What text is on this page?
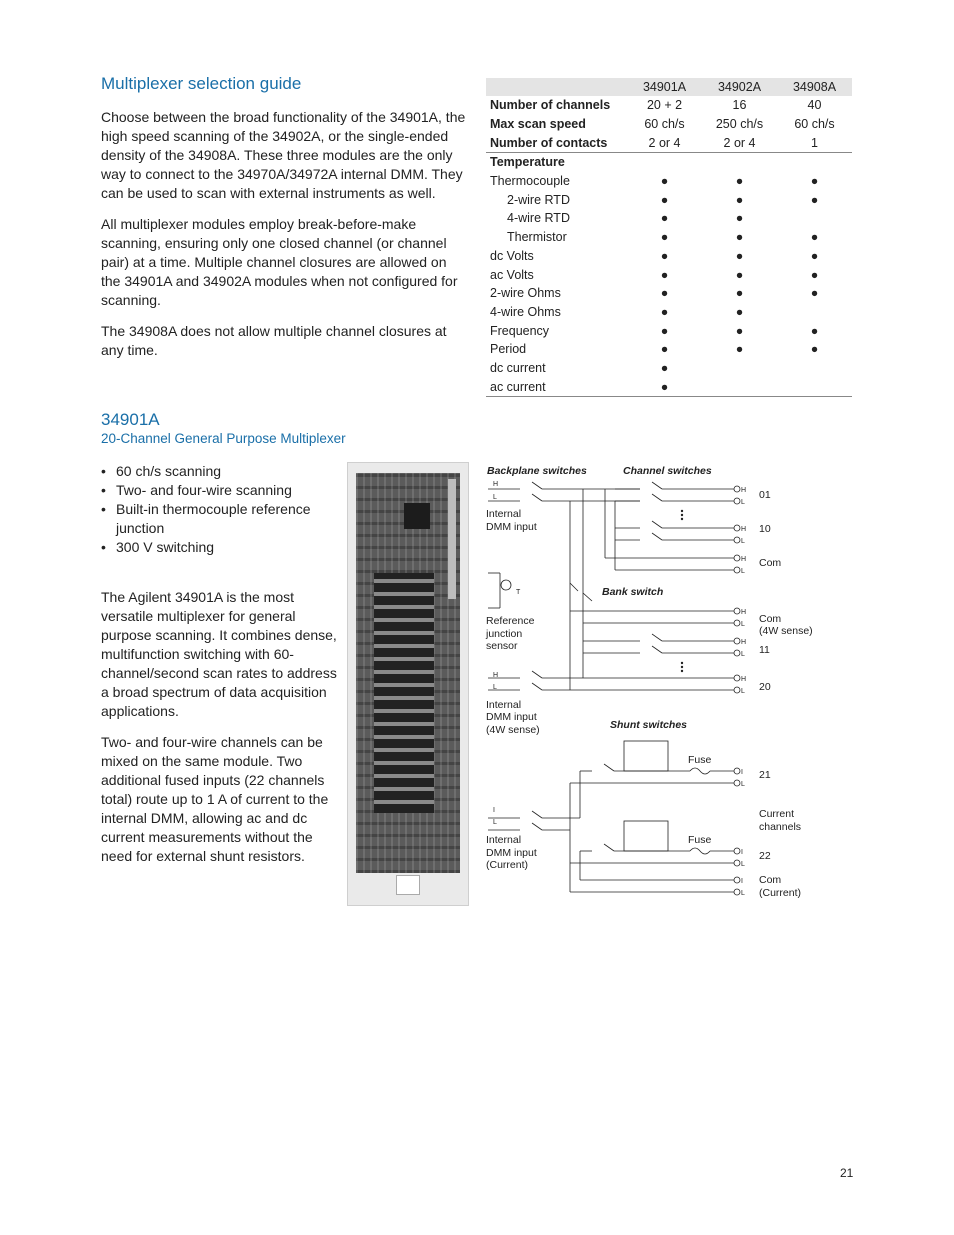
Multiplexer selection guide

Choose between the broad functionality of the 34901A, the high speed scanning of the 34902A, or the single-ended density of the 34908A. These three modules are the only way to connect to the 34970A/34972A internal DMM. They can be used to scan with external instruments as well.

All multiplexer modules employ break-before-make scanning, ensuring only one closed channel (or channel pair) at a time. Multiple channel closures are allowed on the 34901A and 34902A modules when not configured for scanning.

The 34908A does not allow multiple channel closures at any time.

	34901A	34902A	34908A
Number of channels	20 + 2	16	40
Max scan speed	60 ch/s	250 ch/s	60 ch/s
Number of contacts	2 or 4	2 or 4	1
Temperature			
Thermocouple	●	●	●
2-wire RTD	●	●	●
4-wire RTD	●	●	
Thermistor	●	●	●
dc Volts	●	●	●
ac Volts	●	●	●
2-wire Ohms	●	●	●
4-wire Ohms	●	●	
Frequency	●	●	●
Period	●	●	●
dc current	●		
ac current	●		
34901A
20-Channel General Purpose Multiplexer
• 60 ch/s scanning
• Two- and four-wire scanning
• Built-in thermocouple reference junction
• 300 V switching

The Agilent 34901A is the most versatile multiplexer for general purpose scanning. It combines dense, multifunction switching with 60-channel/second scan rates to address a broad spectrum of data acquisition applications.

Two- and four-wire channels can be mixed on the same module. Two additional fused inputs (22 channels total) route up to 1 A of current to the internal DMM, allowing ac and dc current measurements without the need for external shunt resistors.

Backplane switches	Channel switches
Bank switch
Shunt switches
H
L
T
H
L
I
L
H
L
H
L
H
L
H
L
H
L
H
L
I
L
I
L
I
L
Internal
DMM input
Reference
junction
sensor
Internal
DMM input
(4W sense)
Internal
DMM input
(Current)
Fuse
Fuse
01
10
Com
Com
(4W sense)
11
20
21
Current
channels
22
Com
(Current)
21
